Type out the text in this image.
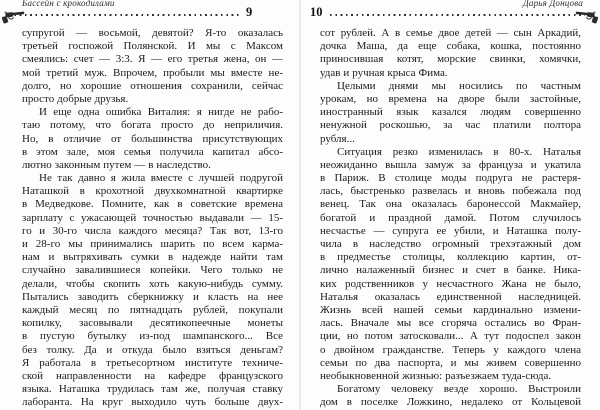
Бассейн с крокодилами
9
супругой — восьмой, девятой? Я-то оказалась
третьей госпожой Полянской. И мы с Максом
смеялись: счет — 3:3. Я — его третья жена, он —
мой третий муж. Впрочем, пробыли мы вместе не-
долго, но хорошие отношения сохранили, сейчас
просто добрые друзья.
И еще одна ошибка Виталия: я нигде не рабо-
таю потому, что богата просто до неприличия.
Но, в отличие от большинства присутствующих
в этом зале, моя семья получила капитал абсо-
лютно законным путем — в наследство.
Не так давно я жила вместе с лучшей подругой
Наташкой в крохотной двухкомнатной квартирке
в Медведкове. Помните, как в советские времена
зарплату с ужасающей точностью выдавали — 15-
го и 30-го числа каждого месяца? Так вот, 13-го
и 28-го мы принимались шарить по всем карма-
нам и вытряхивать сумки в надежде найти там
случайно завалившиеся копейки. Чего только не
делали, чтобы скопить хоть какую-нибудь сумму.
Пытались заводить сберкнижку и класть на нее
каждый месяц по пятнадцать рублей, покупали
копилку, засовывали десятикопеечные монеты
в пустую бутылку из-под шампанского... Все
без толку. Да и откуда было взяться деньгам?
Я работала в третьесортном институте техниче-
ской направленности на кафедре французского
языка. Наташка трудилась там же, получая ставку
лаборанта. На круг выходило чуть больше двух-
10
Дарья Донцова
сот рублей. А в семье двое детей — сын Аркадий,
дочка Маша, да еще собака, кошка, постоянно
приносившая котят, морские свинки, хомячки,
удав и ручная крыса Фима.
Целыми днями мы носились по частным
урокам, но времена на дворе были застойные,
иностранный язык казался людям совершенно
ненужной роскошью, за час платили полтора
рубля...
Ситуация резко изменилась в 80-х. Наталья
неожиданно вышла замуж за француза и укатила
в Париж. В столице моды подруга не растеря-
лась, быстренько развелась и вновь побежала под
венец. Так она оказалась баронессой Макмайер,
богатой и праздной дамой. Потом случилось
несчастье — супруга ее убили, и Наташка полу-
чила в наследство огромный трехэтажный дом
в предместье столицы, коллекцию картин, от-
лично налаженный бизнес и счет в банке. Ника-
ких родственников у несчастного Жана не было,
Наталья оказалась единственной наследницей.
Жизнь всей нашей семьи кардинально измени-
лась. Вначале мы все сгоряча остались во Фран-
ции, но потом затосковали... А тут подоспел закон
о двойном гражданстве. Теперь у каждого члена
семьи по два паспорта, и мы живем совершенно
необыкновенной жизнью: разъезжаем туда-сюда.
Богатому человеку везде хорошо. Выстроили
дом в поселке Ложкино, недалеко от Кольцевой
